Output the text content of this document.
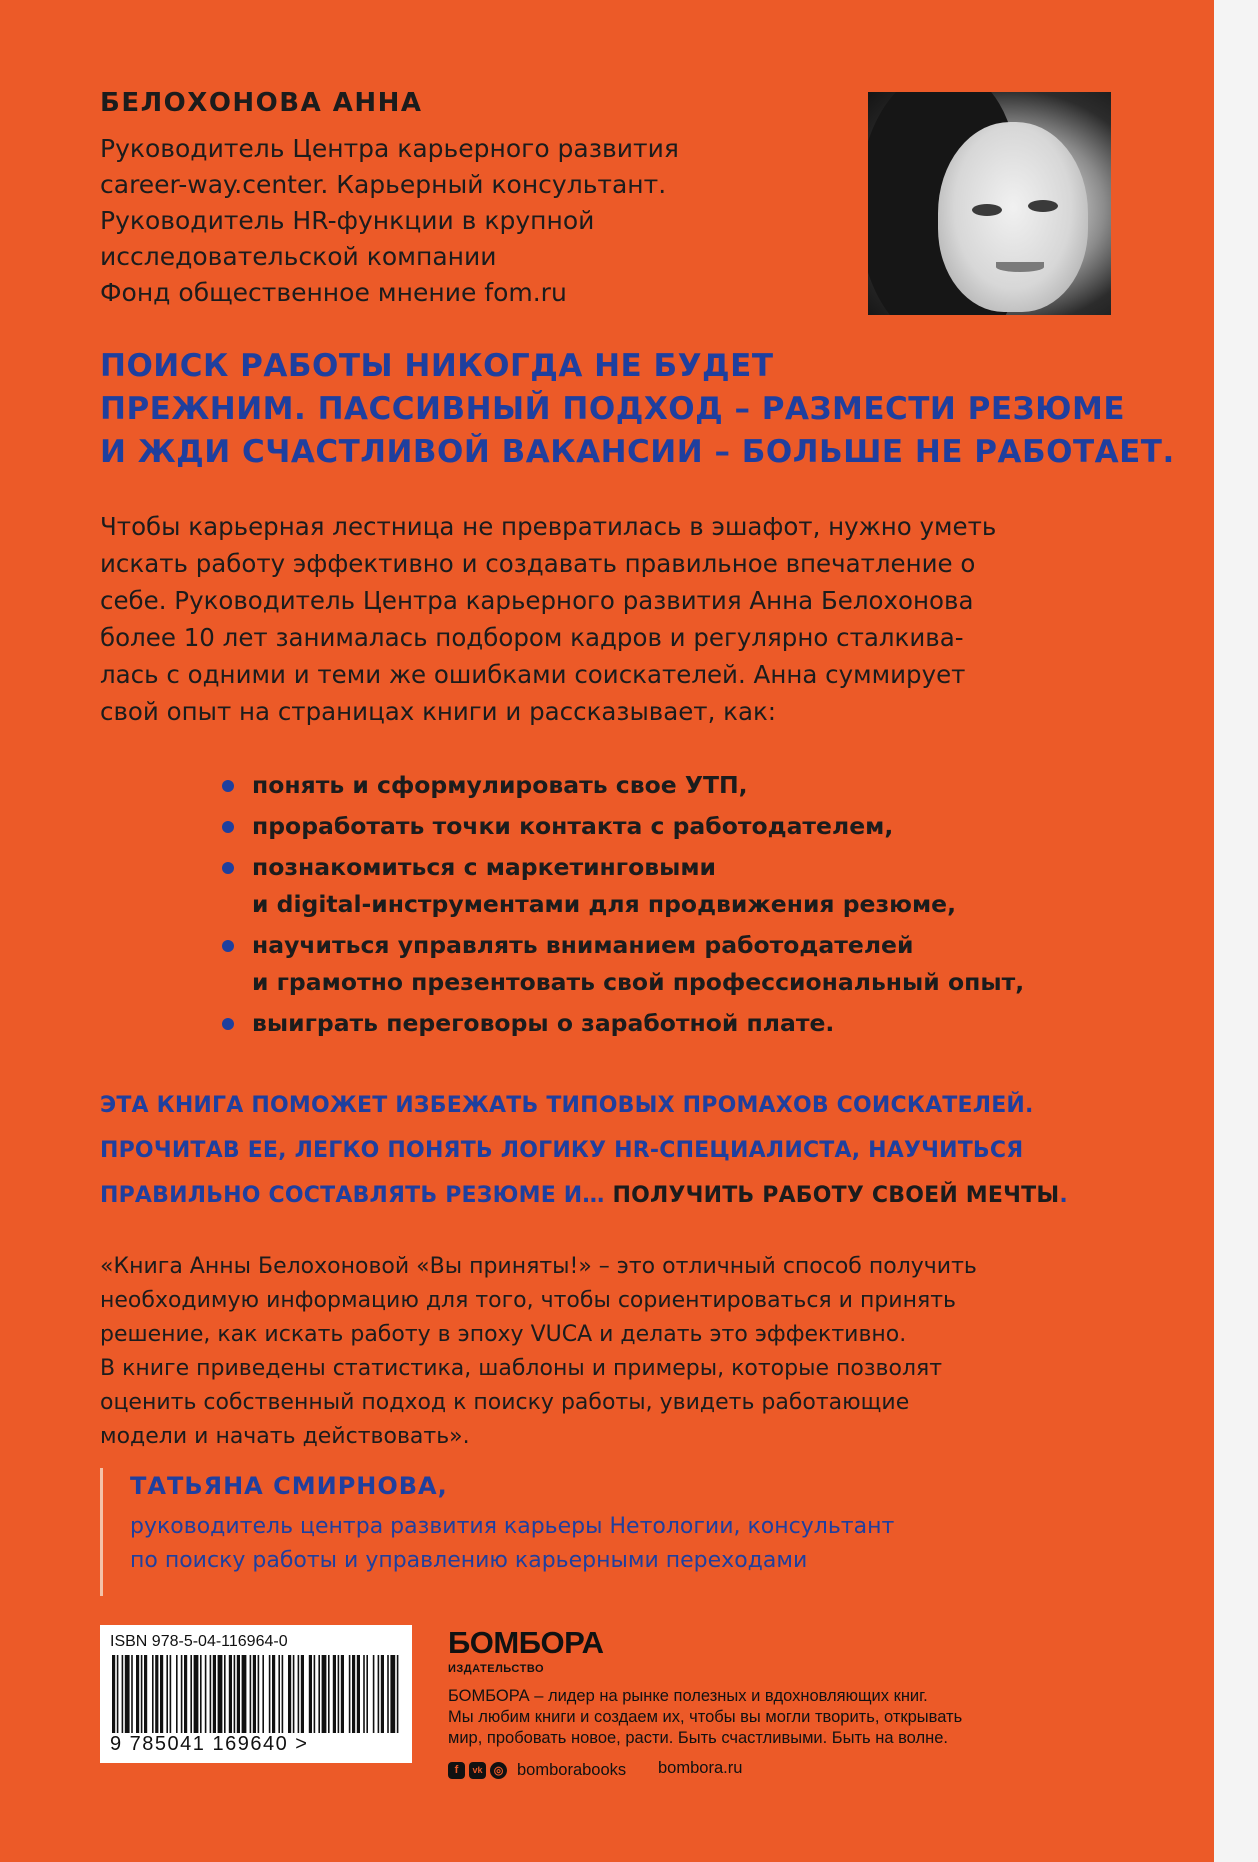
БЕЛОХОНОВА АННА
Руководитель Центра карьерного развития
career-way.center. Карьерный консультант.
Руководитель HR-функции в крупной
исследовательской компании
Фонд общественное мнение fom.ru
ПОИСК РАБОТЫ НИКОГДА НЕ БУДЕТ
ПРЕЖНИМ. ПАССИВНЫЙ ПОДХОД – РАЗМЕСТИ РЕЗЮМЕ
И ЖДИ СЧАСТЛИВОЙ ВАКАНСИИ – БОЛЬШЕ НЕ РАБОТАЕТ.
Чтобы карьерная лестница не превратилась в эшафот, нужно уметь
искать работу эффективно и создавать правильное впечатление о
себе. Руководитель Центра карьерного развития Анна Белохонова
более 10 лет занималась подбором кадров и регулярно сталкива-
лась с одними и теми же ошибками соискателей. Анна суммирует
свой опыт на страницах книги и рассказывает, как:
понять и сформулировать свое УТП,
проработать точки контакта с работодателем,
познакомиться с маркетинговыми
и digital-инструментами для продвижения резюме,
научиться управлять вниманием работодателей
и грамотно презентовать свой профессиональный опыт,
выиграть переговоры о заработной плате.
ЭТА КНИГА ПОМОЖЕТ ИЗБЕЖАТЬ ТИПОВЫХ ПРОМАХОВ СОИСКАТЕЛЕЙ.
ПРОЧИТАВ ЕЕ, ЛЕГКО ПОНЯТЬ ЛОГИКУ HR-СПЕЦИАЛИСТА, НАУЧИТЬСЯ
ПРАВИЛЬНО СОСТАВЛЯТЬ РЕЗЮМЕ И… ПОЛУЧИТЬ РАБОТУ СВОЕЙ МЕЧТЫ.
«Книга Анны Белохоновой «Вы приняты!» – это отличный способ получить
необходимую информацию для того, чтобы сориентироваться и принять
решение, как искать работу в эпоху VUCA и делать это эффективно.
В книге приведены статистика, шаблоны и примеры, которые позволят
оценить собственный подход к поиску работы, увидеть работающие
модели и начать действовать».
ТАТЬЯНА СМИРНОВА,
руководитель центра развития карьеры Нетологии, консультант
по поиску работы и управлению карьерными переходами
ISBN 978-5-04-116964-0
9 785041 169640 >
БОМБОРА
ИЗДАТЕЛЬСТВО
БОМБОРА – лидер на рынке полезных и вдохновляющих книг.
Мы любим книги и создаем их, чтобы вы могли творить, открывать
мир, пробовать новое, расти. Быть счастливыми. Быть на волне.
f	vk	◎ bomborabooks bombora.ru
